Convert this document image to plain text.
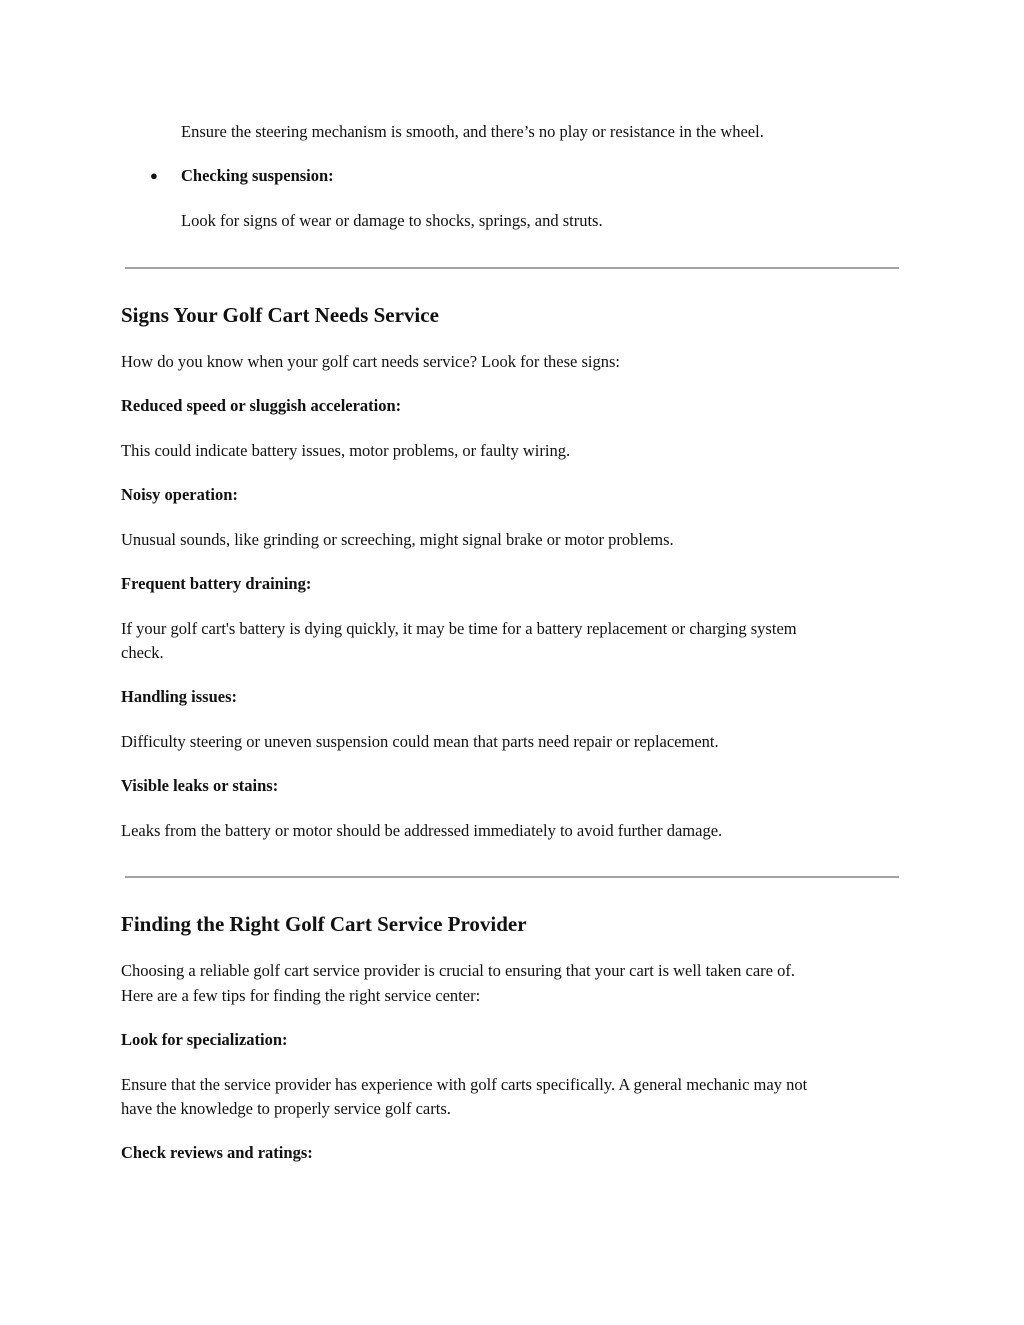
Ensure the steering mechanism is smooth, and there’s no play or resistance in the wheel.

● Checking suspension:

Look for signs of wear or damage to shocks, springs, and struts.

Signs Your Golf Cart Needs Service

How do you know when your golf cart needs service? Look for these signs:

Reduced speed or sluggish acceleration:

This could indicate battery issues, motor problems, or faulty wiring.

Noisy operation:

Unusual sounds, like grinding or screeching, might signal brake or motor problems.

Frequent battery draining:

If your golf cart's battery is dying quickly, it may be time for a battery replacement or charging system

check.

Handling issues:

Difficulty steering or uneven suspension could mean that parts need repair or replacement.

Visible leaks or stains:

Leaks from the battery or motor should be addressed immediately to avoid further damage.

Finding the Right Golf Cart Service Provider

Choosing a reliable golf cart service provider is crucial to ensuring that your cart is well taken care of.

Here are a few tips for finding the right service center:

Look for specialization:

Ensure that the service provider has experience with golf carts specifically. A general mechanic may not

have the knowledge to properly service golf carts.

Check reviews and ratings:
